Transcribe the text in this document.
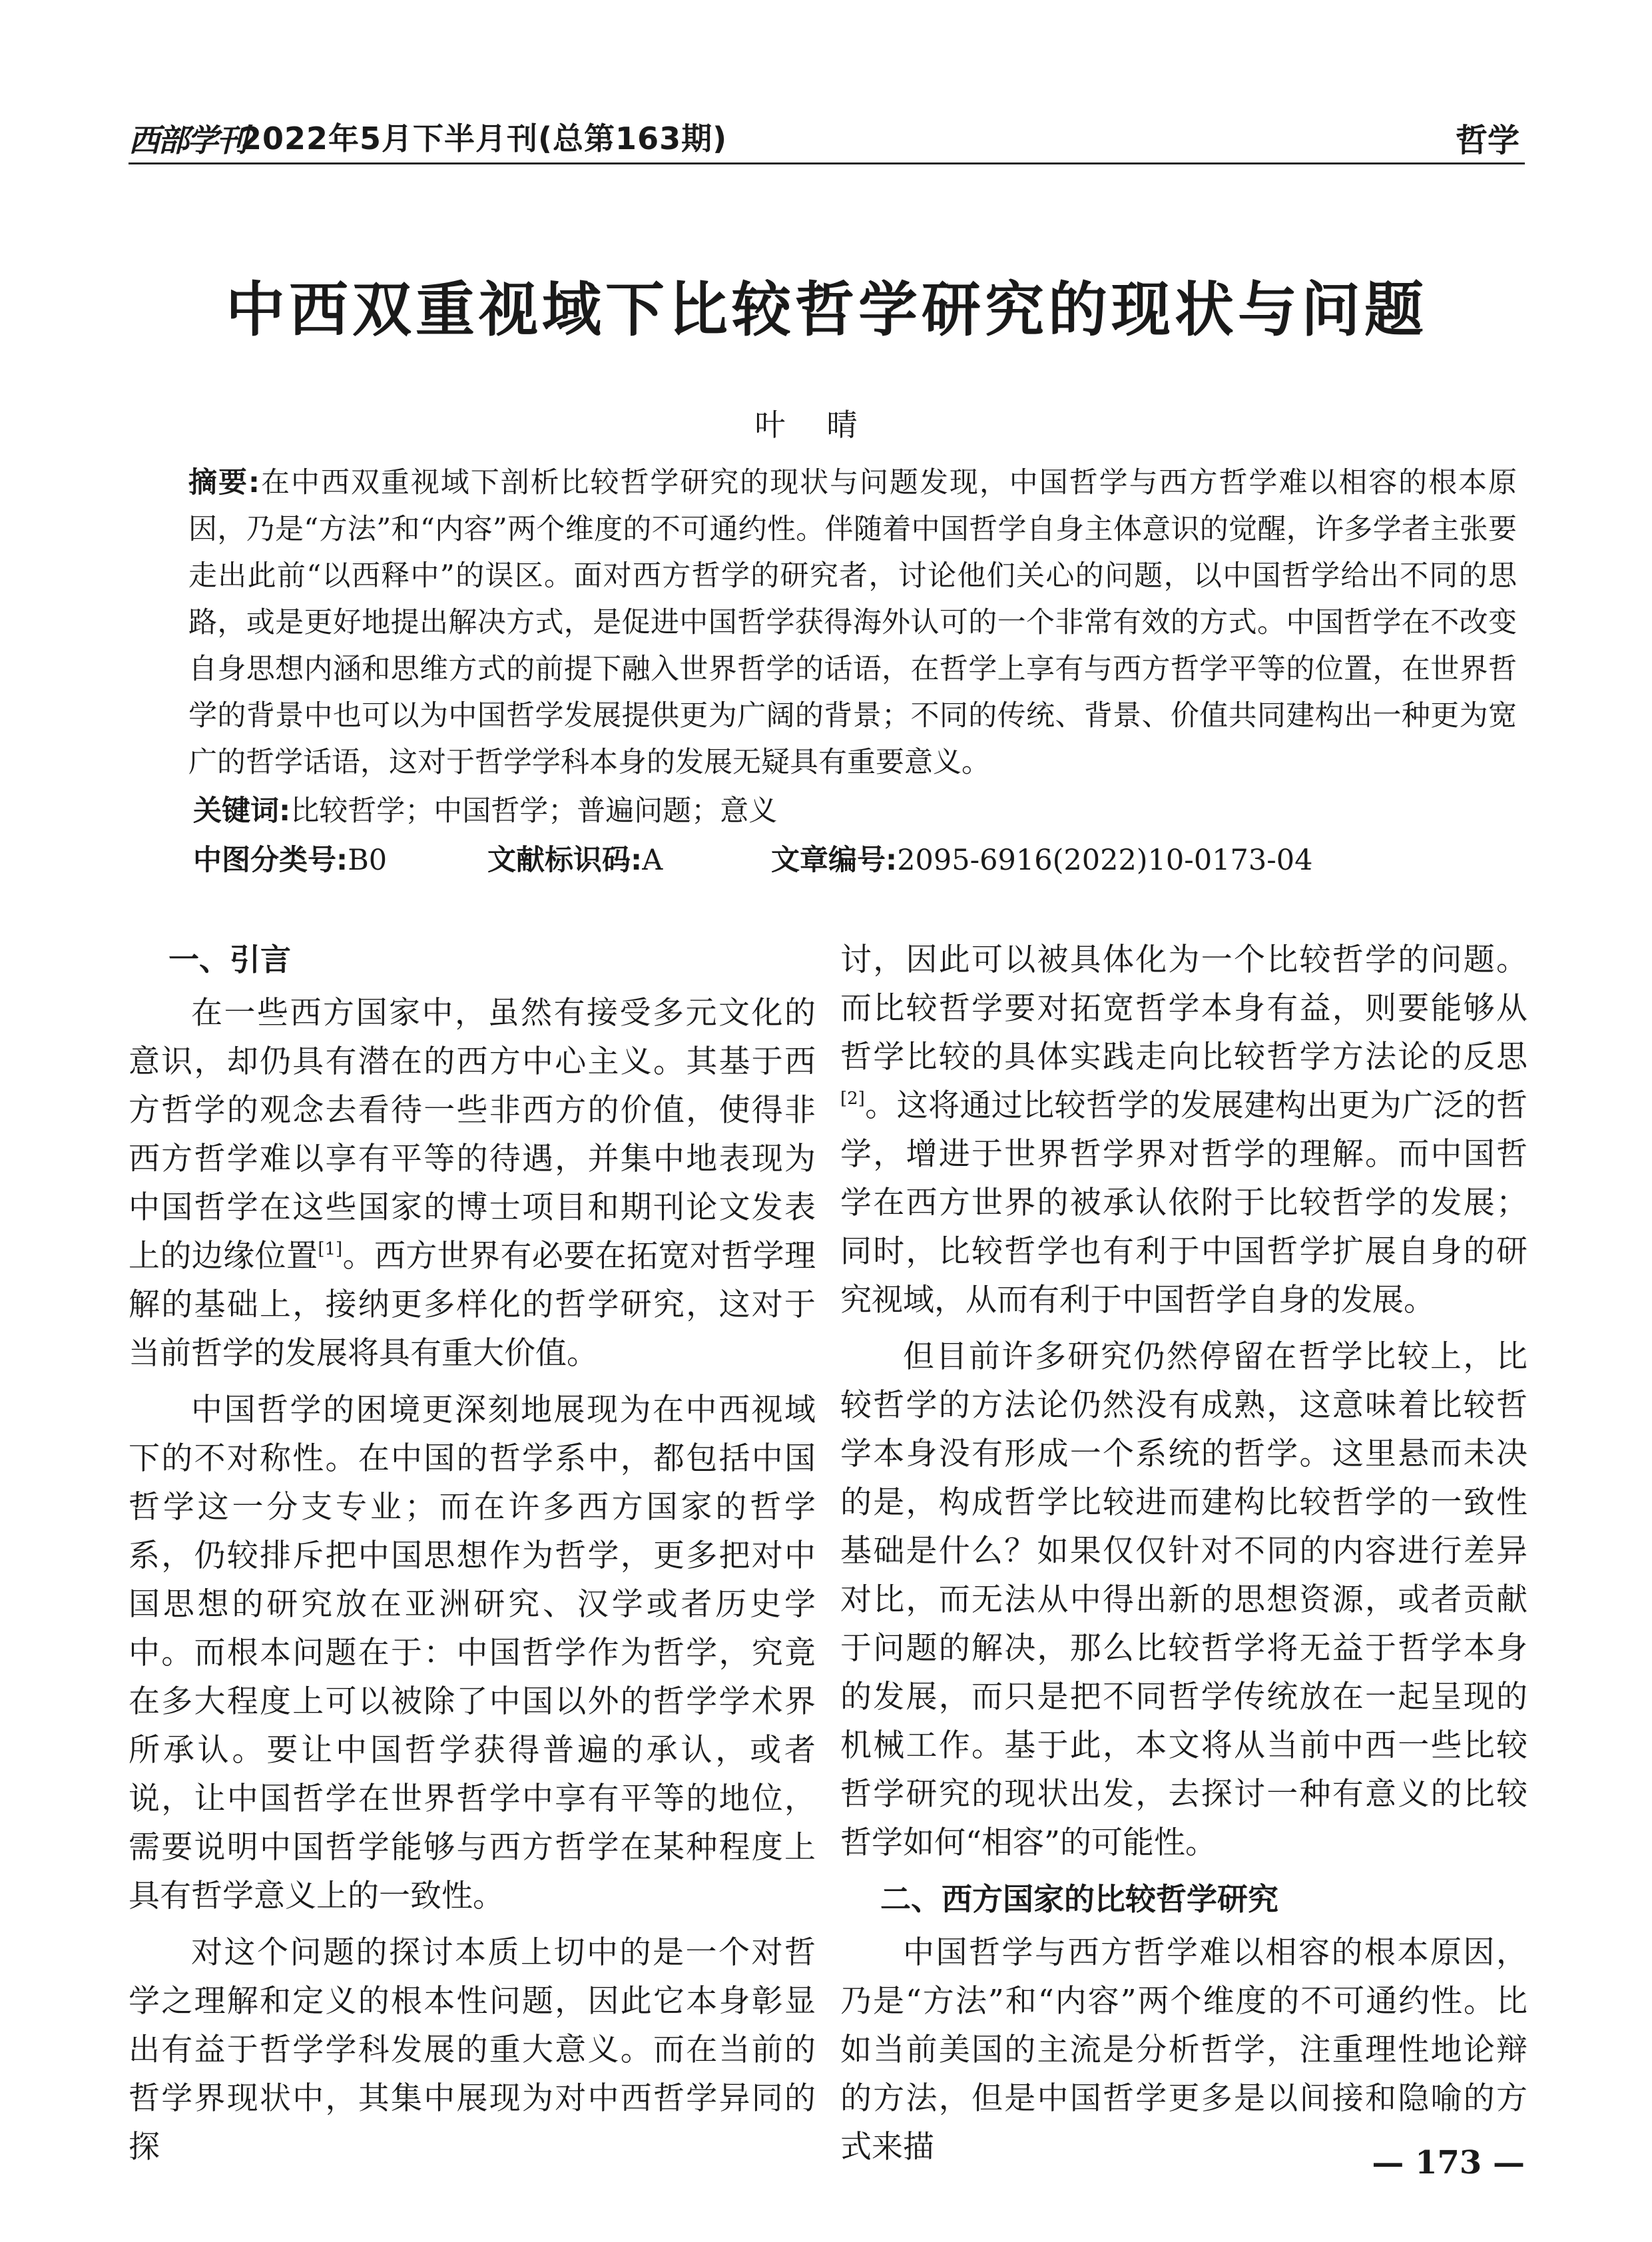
西部学刊
2022年5月下半月刊(总第163期)	哲学
中西双重视域下比较哲学研究的现状与问题
叶晴

摘要:在中西双重视域下剖析比较哲学研究的现状与问题发现，中国哲学与西方哲学难以相容的根本原因，乃是“方法”和“内容”两个维度的不可通约性。伴随着中国哲学自身主体意识的觉醒，许多学者主张要走出此前“以西释中”的误区。面对西方哲学的研究者，讨论他们关心的问题，以中国哲学给出不同的思路，或是更好地提出解决方式，是促进中国哲学获得海外认可的一个非常有效的方式。中国哲学在不改变自身思想内涵和思维方式的前提下融入世界哲学的话语，在哲学上享有与西方哲学平等的位置，在世界哲学的背景中也可以为中国哲学发展提供更为广阔的背景；不同的传统、背景、价值共同建构出一种更为宽广的哲学话语，这对于哲学学科本身的发展无疑具有重要意义。

关键词:比较哲学；中国哲学；普遍问题；意义
中图分类号:B0	文献标识码:A	文章编号:2095-6916(2022)10-0173-04
一、引言

在一些西方国家中，虽然有接受多元文化的意识，却仍具有潜在的西方中心主义。其基于西方哲学的观念去看待一些非西方的价值，使得非西方哲学难以享有平等的待遇，并集中地表现为中国哲学在这些国家的博士项目和期刊论文发表上的边缘位置[1]。西方世界有必要在拓宽对哲学理解的基础上，接纳更多样化的哲学研究，这对于当前哲学的发展将具有重大价值。

中国哲学的困境更深刻地展现为在中西视域下的不对称性。在中国的哲学系中，都包括中国哲学这一分支专业；而在许多西方国家的哲学系，仍较排斥把中国思想作为哲学，更多把对中国思想的研究放在亚洲研究、汉学或者历史学中。而根本问题在于：中国哲学作为哲学，究竟在多大程度上可以被除了中国以外的哲学学术界所承认。要让中国哲学获得普遍的承认，或者说，让中国哲学在世界哲学中享有平等的地位，需要说明中国哲学能够与西方哲学在某种程度上具有哲学意义上的一致性。

对这个问题的探讨本质上切中的是一个对哲学之理解和定义的根本性问题，因此它本身彰显出有益于哲学学科发展的重大意义。而在当前的哲学界现状中，其集中展现为对中西哲学异同的探

讨，因此可以被具体化为一个比较哲学的问题。而比较哲学要对拓宽哲学本身有益，则要能够从哲学比较的具体实践走向比较哲学方法论的反思[2]。这将通过比较哲学的发展建构出更为广泛的哲学，增进于世界哲学界对哲学的理解。而中国哲学在西方世界的被承认依附于比较哲学的发展；同时，比较哲学也有利于中国哲学扩展自身的研究视域，从而有利于中国哲学自身的发展。

但目前许多研究仍然停留在哲学比较上，比较哲学的方法论仍然没有成熟，这意味着比较哲学本身没有形成一个系统的哲学。这里悬而未决的是，构成哲学比较进而建构比较哲学的一致性基础是什么？如果仅仅针对不同的内容进行差异对比，而无法从中得出新的思想资源，或者贡献于问题的解决，那么比较哲学将无益于哲学本身的发展，而只是把不同哲学传统放在一起呈现的机械工作。基于此，本文将从当前中西一些比较哲学研究的现状出发，去探讨一种有意义的比较哲学如何“相容”的可能性。

二、西方国家的比较哲学研究

中国哲学与西方哲学难以相容的根本原因，乃是“方法”和“内容”两个维度的不可通约性。比如当前美国的主流是分析哲学，注重理性地论辩的方法，但是中国哲学更多是以间接和隐喻的方式来描	— 173 —
